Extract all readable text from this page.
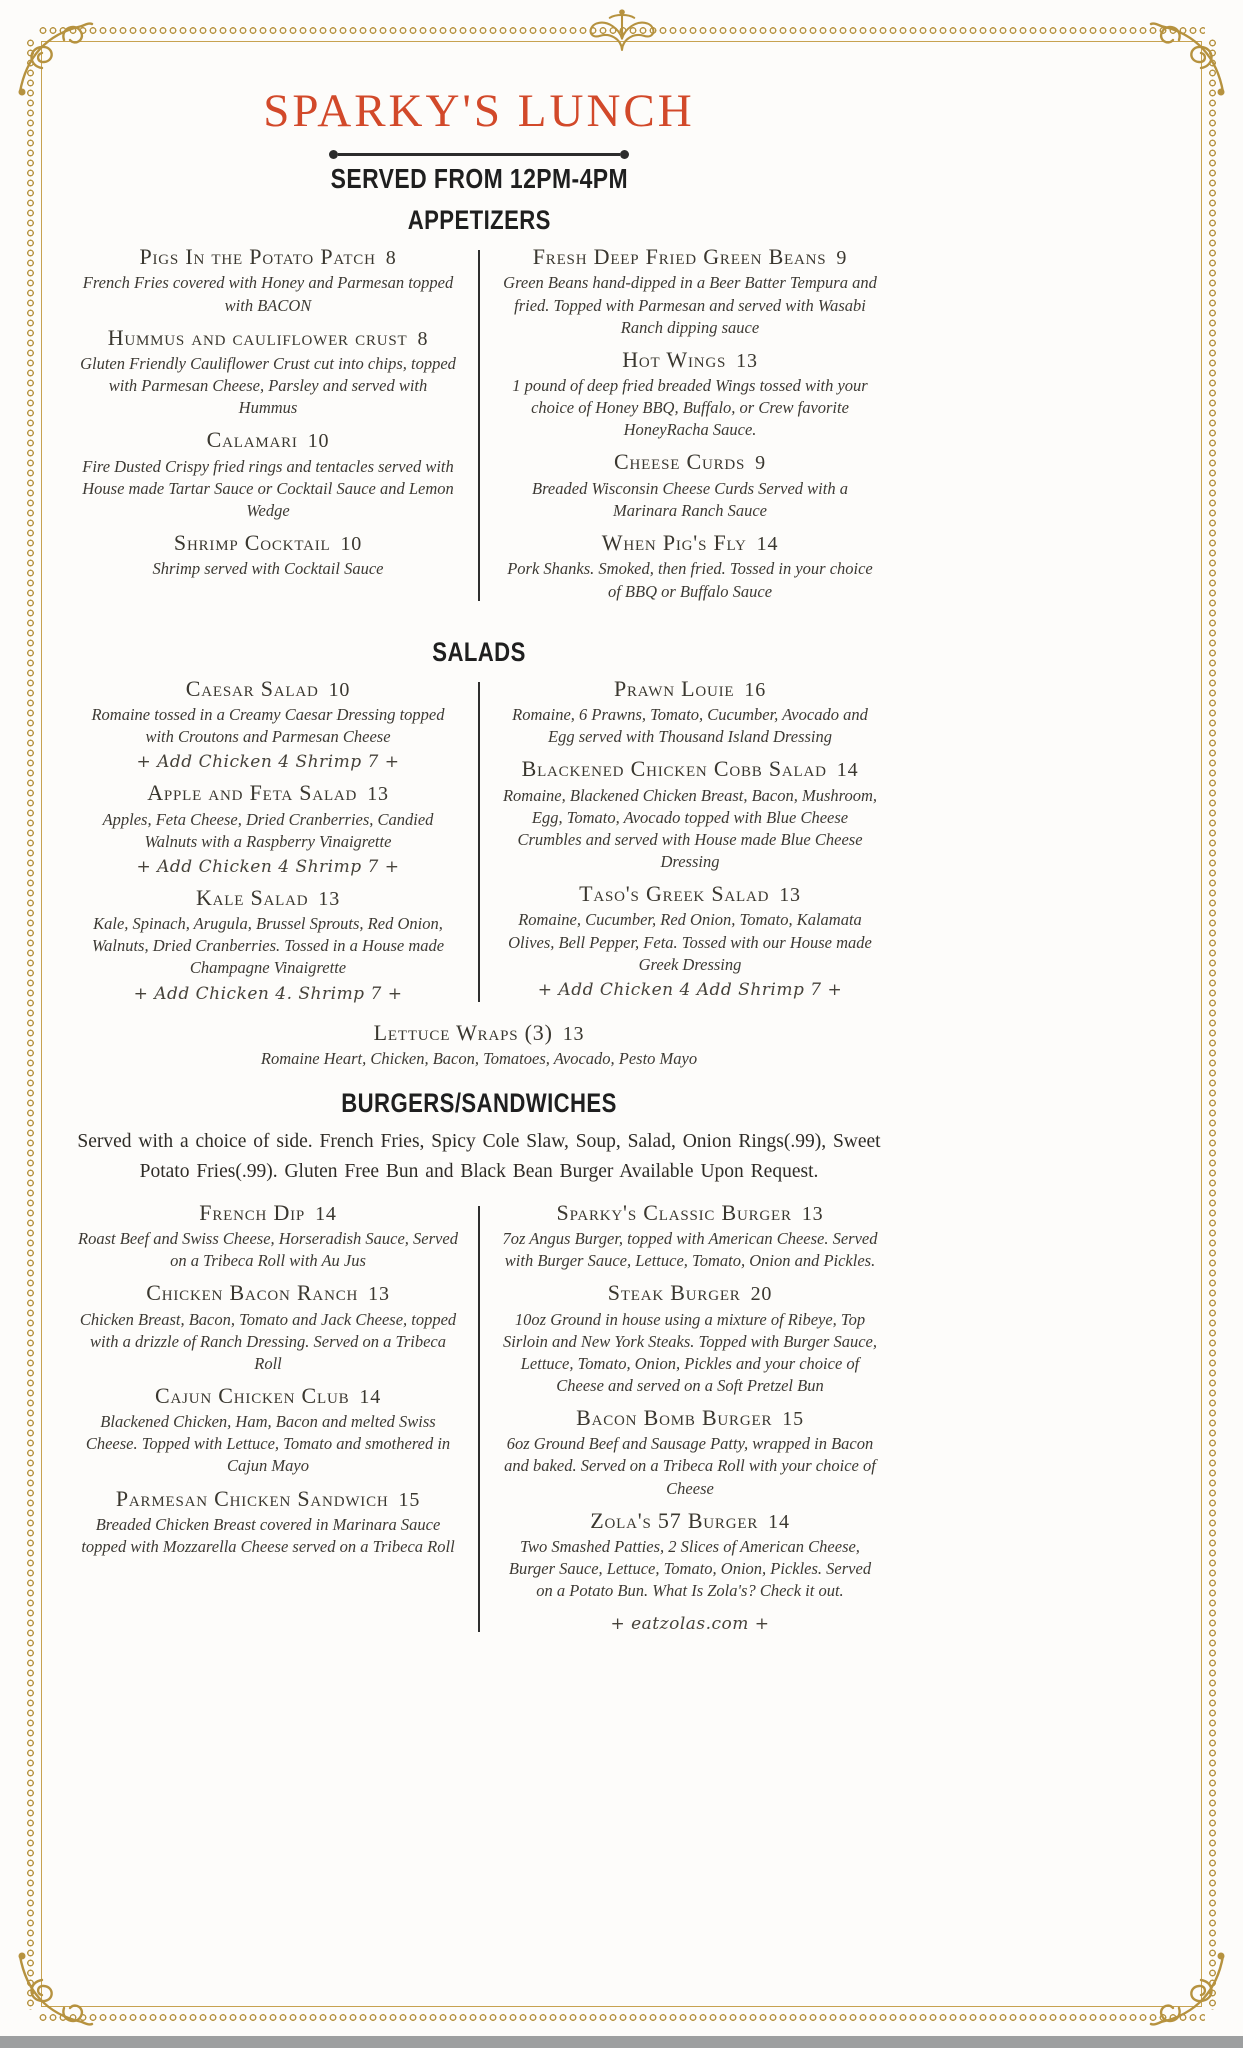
SPARKY'S LUNCH
SERVED FROM 12PM-4PM
APPETIZERS
Pigs In the Potato Patch 8
French Fries covered with Honey and Parmesan topped with BACON
Hummus and cauliflower crust 8
Gluten Friendly Cauliflower Crust cut into chips, topped with Parmesan Cheese, Parsley and served with Hummus
Calamari 10
Fire Dusted Crispy fried rings and tentacles served with House made Tartar Sauce or Cocktail Sauce and Lemon Wedge
Shrimp Cocktail 10
Shrimp served with Cocktail Sauce
Fresh Deep Fried Green Beans 9
Green Beans hand-dipped in a Beer Batter Tempura and fried. Topped with Parmesan and served with Wasabi Ranch dipping sauce
Hot Wings 13
1 pound of deep fried breaded Wings tossed with your choice of Honey BBQ, Buffalo, or Crew favorite HoneyRacha Sauce.
Cheese Curds 9
Breaded Wisconsin Cheese Curds Served with a Marinara Ranch Sauce
When Pig's Fly 14
Pork Shanks. Smoked, then fried. Tossed in your choice of BBQ or Buffalo Sauce
SALADS
Caesar Salad 10
Romaine tossed in a Creamy Caesar Dressing topped with Croutons and Parmesan Cheese
+ Add Chicken 4 Shrimp 7 +
Apple and Feta Salad 13
Apples, Feta Cheese, Dried Cranberries, Candied Walnuts with a Raspberry Vinaigrette
+ Add Chicken 4 Shrimp 7 +
Kale Salad 13
Kale, Spinach, Arugula, Brussel Sprouts, Red Onion, Walnuts, Dried Cranberries. Tossed in a House made Champagne Vinaigrette
+ Add Chicken 4. Shrimp 7 +
Prawn Louie 16
Romaine, 6 Prawns, Tomato, Cucumber, Avocado and Egg served with Thousand Island Dressing
Blackened Chicken Cobb Salad 14
Romaine, Blackened Chicken Breast, Bacon, Mushroom, Egg, Tomato, Avocado topped with Blue Cheese Crumbles and served with House made Blue Cheese Dressing
Taso's Greek Salad 13
Romaine, Cucumber, Red Onion, Tomato, Kalamata Olives, Bell Pepper, Feta. Tossed with our House made Greek Dressing
+ Add Chicken 4 Add Shrimp 7 +
Lettuce Wraps (3) 13
Romaine Heart, Chicken, Bacon, Tomatoes, Avocado, Pesto Mayo
BURGERS/SANDWICHES

Served with a choice of side. French Fries, Spicy Cole Slaw, Soup, Salad, Onion Rings(.99), Sweet Potato Fries(.99). Gluten Free Bun and Black Bean Burger Available Upon Request.

French Dip 14
Roast Beef and Swiss Cheese, Horseradish Sauce, Served on a Tribeca Roll with Au Jus
Chicken Bacon Ranch 13
Chicken Breast, Bacon, Tomato and Jack Cheese, topped with a drizzle of Ranch Dressing. Served on a Tribeca Roll
Cajun Chicken Club 14
Blackened Chicken, Ham, Bacon and melted Swiss Cheese. Topped with Lettuce, Tomato and smothered in Cajun Mayo
Parmesan Chicken Sandwich 15
Breaded Chicken Breast covered in Marinara Sauce topped with Mozzarella Cheese served on a Tribeca Roll
Sparky's Classic Burger 13
7oz Angus Burger, topped with American Cheese. Served with Burger Sauce, Lettuce, Tomato, Onion and Pickles.
Steak Burger 20
10oz Ground in house using a mixture of Ribeye, Top Sirloin and New York Steaks. Topped with Burger Sauce, Lettuce, Tomato, Onion, Pickles and your choice of Cheese and served on a Soft Pretzel Bun
Bacon Bomb Burger 15
6oz Ground Beef and Sausage Patty, wrapped in Bacon and baked. Served on a Tribeca Roll with your choice of Cheese
Zola's 57 Burger 14
Two Smashed Patties, 2 Slices of American Cheese, Burger Sauce, Lettuce, Tomato, Onion, Pickles. Served on a Potato Bun. What Is Zola's? Check it out.
+ eatzolas.com +
